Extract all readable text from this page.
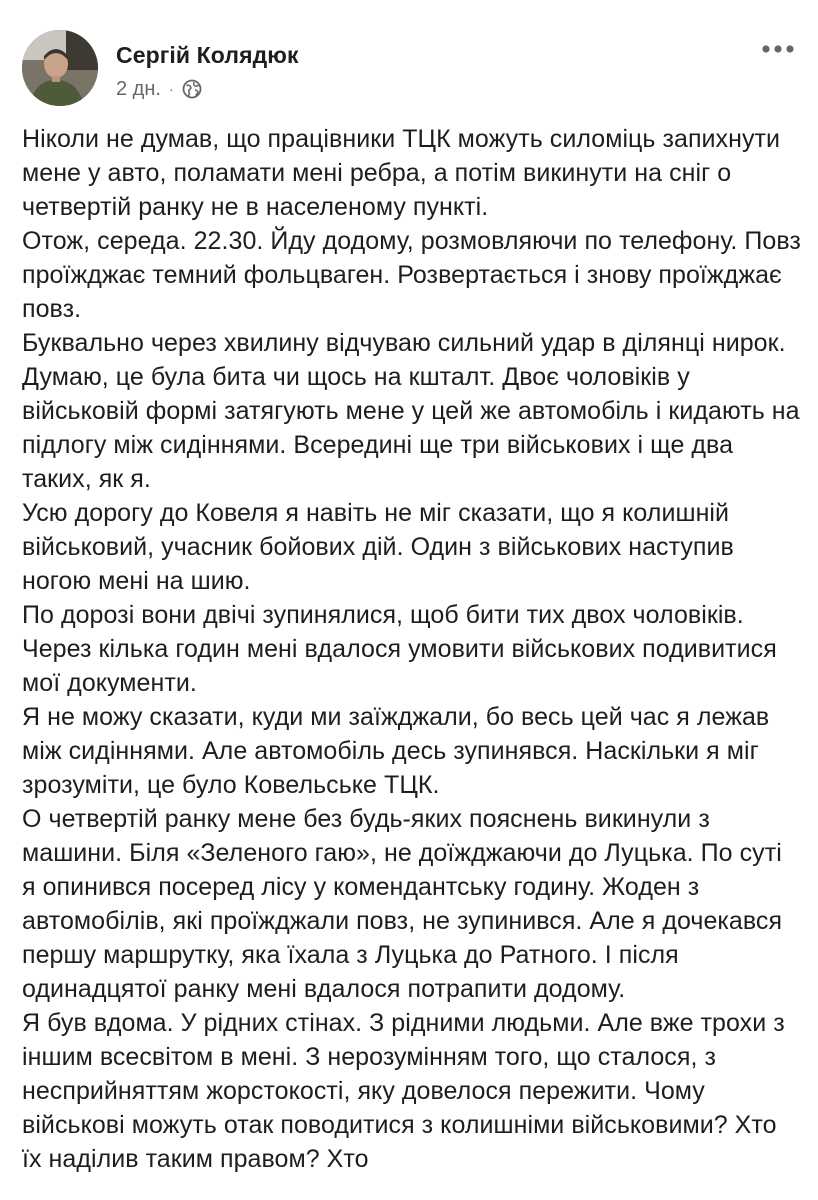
Сергій Колядюк
2 дн. ·

Ніколи не думав, що працівники ТЦК можуть силоміць запихнути мене у авто, поламати мені ребра, а потім викинути на сніг о четвертій ранку не в населеному пункті.

Отож, середа. 22.30. Йду додому, розмовляючи по телефону. Повз проїжджає темний фольцваген. Розвертається і знову проїжджає повз.

Буквально через хвилину відчуваю сильний удар в ділянці нирок. Думаю, це була бита чи щось на кшталт. Двоє чоловіків у військовій формі затягують мене у цей же автомобіль і кидають на підлогу між сидіннями. Всередині ще три військових і ще два таких, як я.

Усю дорогу до Ковеля я навіть не міг сказати, що я колишній військовий, учасник бойових дій. Один з військових наступив ногою мені на шию.

По дорозі вони двічі зупинялися, щоб бити тих двох чоловіків.

Через кілька годин мені вдалося умовити військових подивитися мої документи.

Я не можу сказати, куди ми заїжджали, бо весь цей час я лежав між сидіннями. Але автомобіль десь зупинявся. Наскільки я міг зрозуміти, це було Ковельське ТЦК.

О четвертій ранку мене без будь-яких пояснень викинули з машини. Біля «Зеленого гаю», не доїжджаючи до Луцька. По суті я опинився посеред лісу у комендантську годину. Жоден з автомобілів, які проїжджали повз, не зупинився. Але я дочекався першу маршрутку, яка їхала з Луцька до Ратного. І після одинадцятої ранку мені вдалося потрапити додому.

Я був вдома. У рідних стінах. З рідними людьми. Але вже трохи з іншим всесвітом в мені. З нерозумінням того, що сталося, з несприйняттям жорстокості, яку довелося пережити. Чому військові можуть отак поводитися з колишніми військовими? Хто їх наділив таким правом? Хто
